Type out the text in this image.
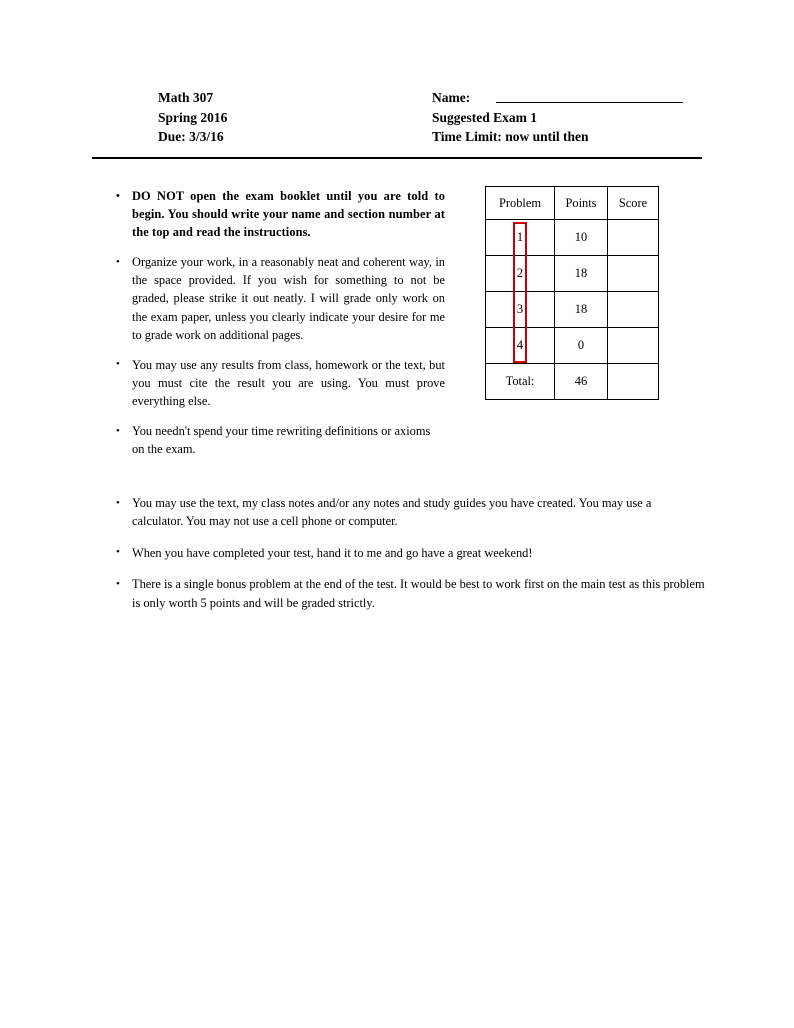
Math 307
Spring 2016
Due: 3/3/16
Name:
Suggested Exam 1
Time Limit: now until then
• DO NOT open the exam booklet until you are told to begin. You should write your name and section number at the top and read the instructions.
• Organize your work, in a reasonably neat and coherent way, in the space provided. If you wish for something to not be graded, please strike it out neatly. I will grade only work on the exam paper, unless you clearly indicate your desire for me to grade work on additional pages.
• You may use any results from class, homework or the text, but you must cite the result you are using. You must prove everything else.
• You needn't spend your time rewriting definitions or axioms on the exam.
• You may use the text, my class notes and/or any notes and study guides you have created. You may use a calculator. You may not use a cell phone or computer.
• When you have completed your test, hand it to me and go have a great weekend!
• There is a single bonus problem at the end of the test. It would be best to work first on the main test as this problem is only worth 5 points and will be graded strictly.
Problem	Points	Score
1	10	
2	18	
3	18	
4	0	
Total:	46	
